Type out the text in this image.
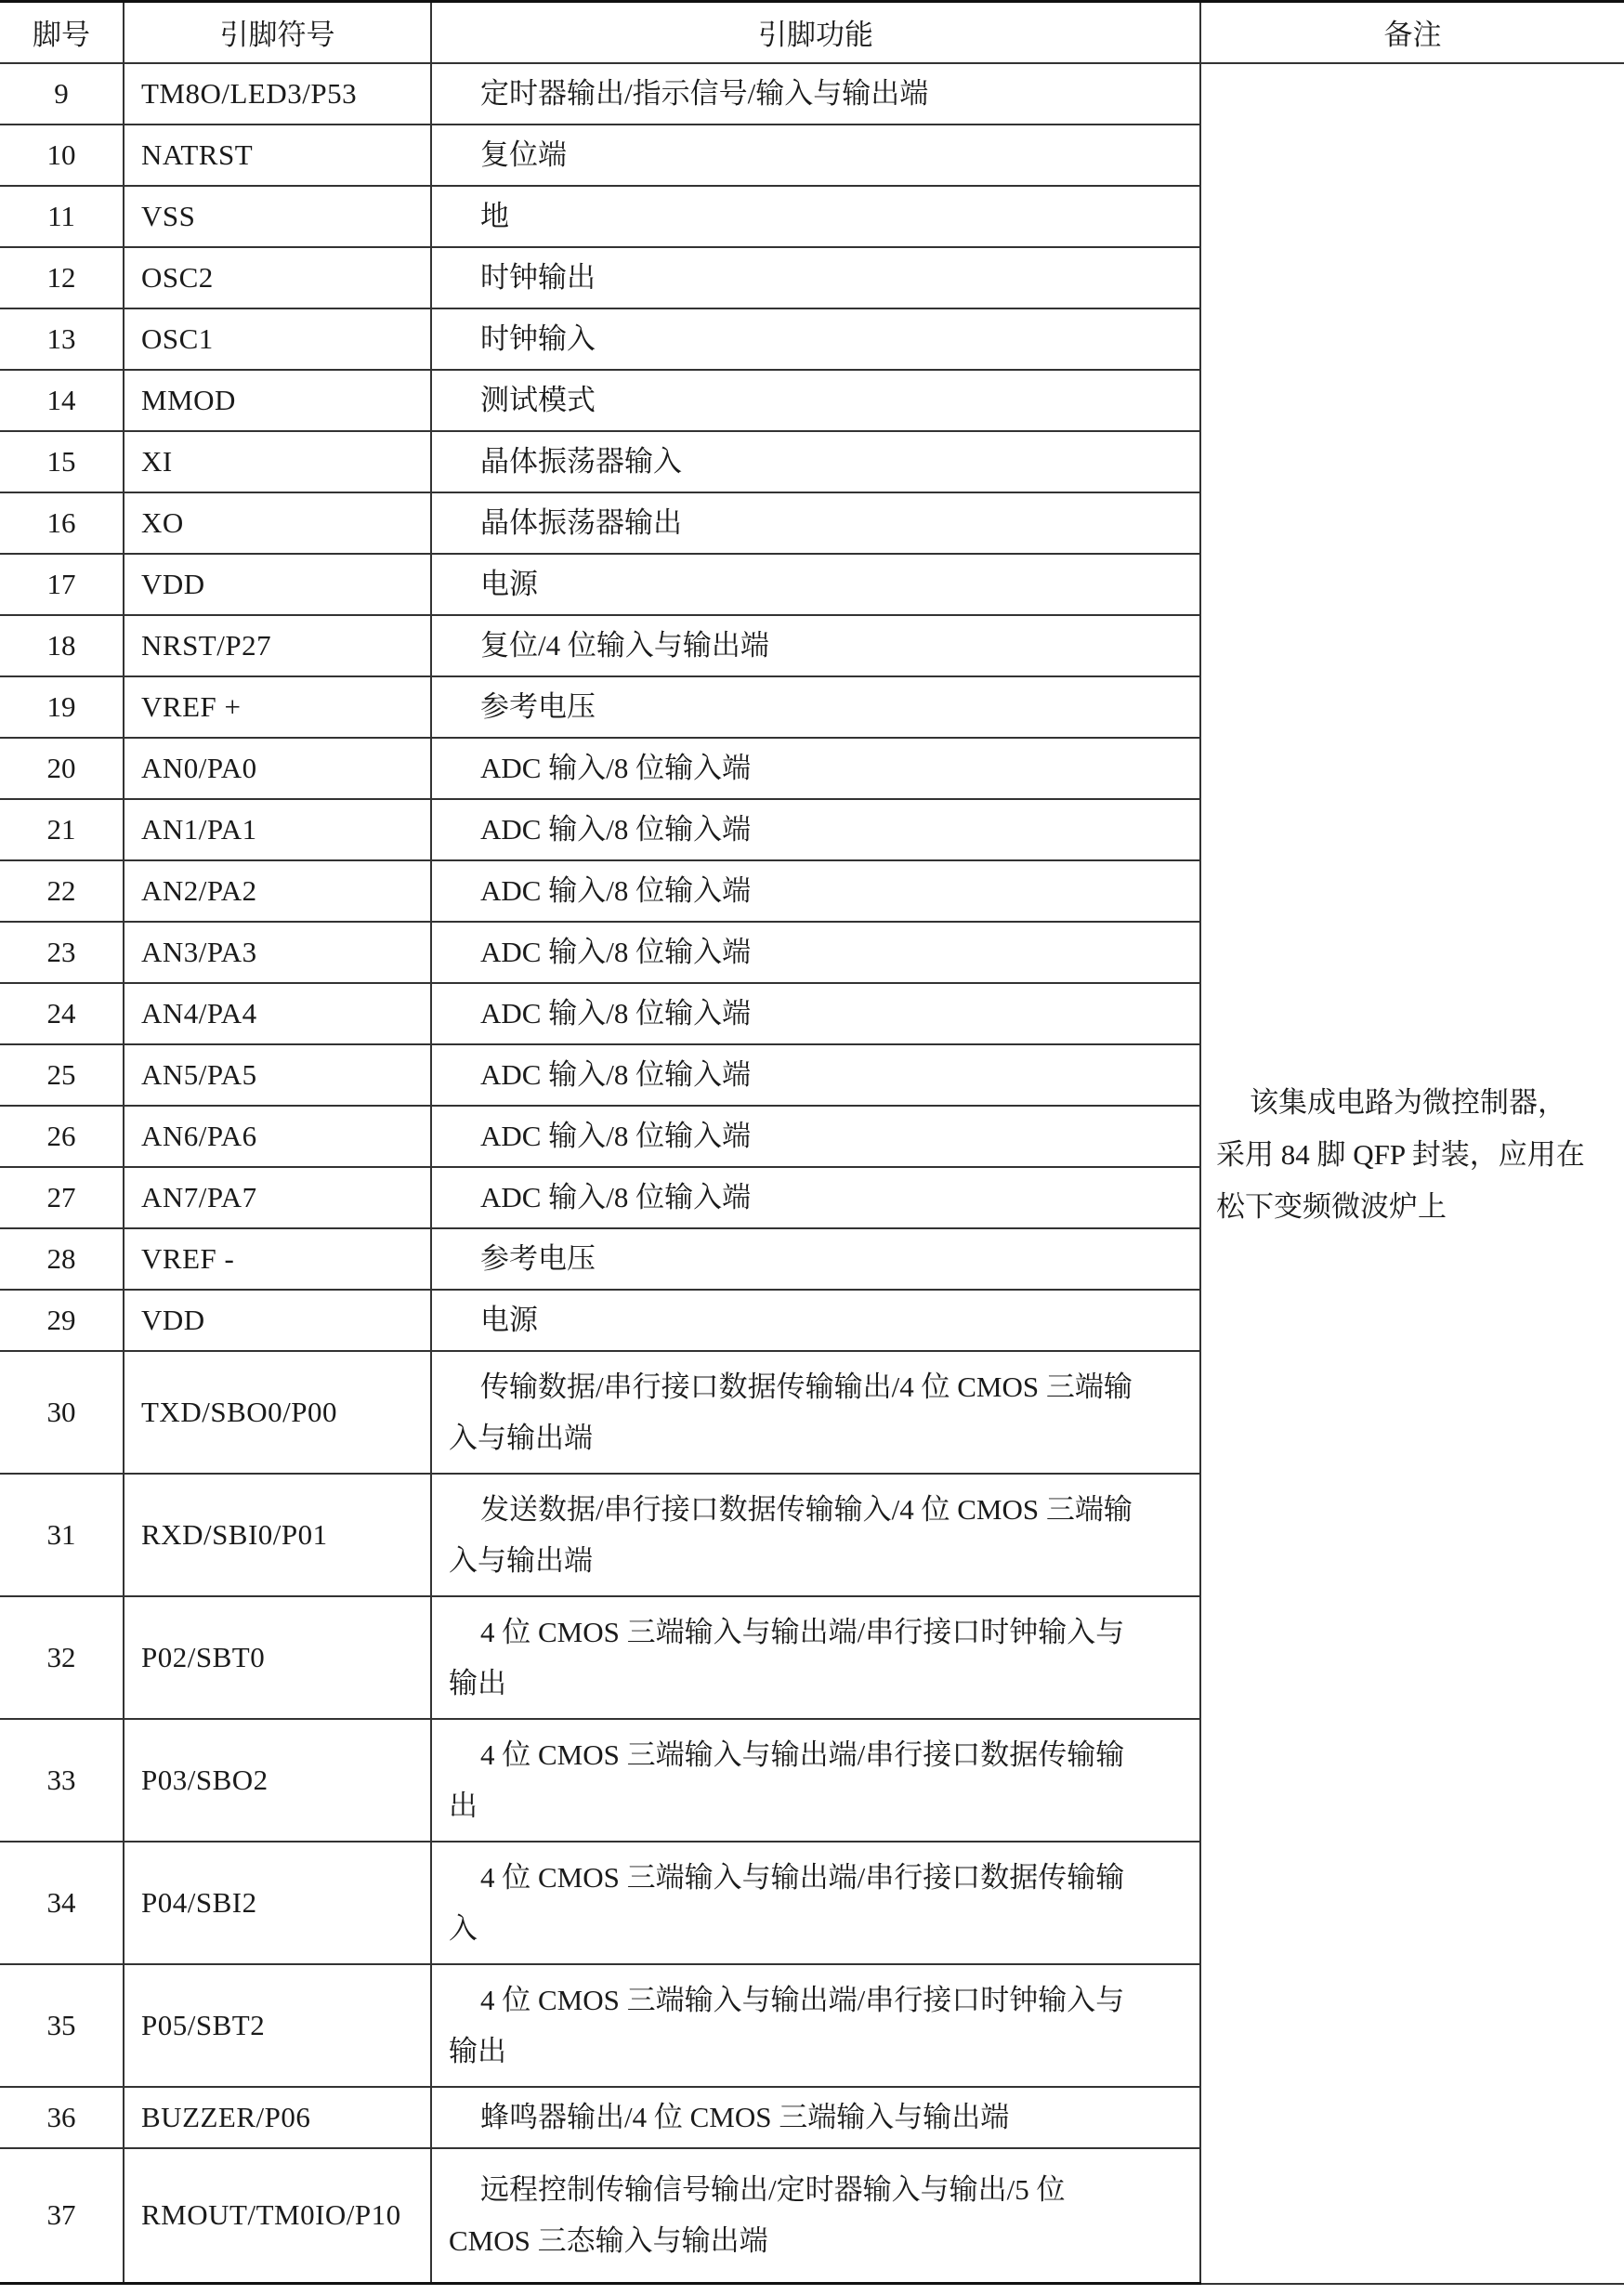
脚号	引脚符号	引脚功能	备注
9	TM8O/LED3/P53	定时器输出/指示信号/输入与输出端	该集成电路为微控制器，
采用 84 脚 QFP 封装，应用在
松下变频微波炉上

10	NATRST	复位端	
11	VSS	地	
12	OSC2	时钟输出	
13	OSC1	时钟输入	
14	MMOD	测试模式	
15	XI	晶体振荡器输入	
16	XO	晶体振荡器输出	
17	VDD	电源	
18	NRST/P27	复位/4 位输入与输出端	
19	VREF +	参考电压	
20	AN0/PA0	ADC 输入/8 位输入端	
21	AN1/PA1	ADC 输入/8 位输入端	
22	AN2/PA2	ADC 输入/8 位输入端	
23	AN3/PA3	ADC 输入/8 位输入端	
24	AN4/PA4	ADC 输入/8 位输入端	
25	AN5/PA5	ADC 输入/8 位输入端	
26	AN6/PA6	ADC 输入/8 位输入端	
27	AN7/PA7	ADC 输入/8 位输入端	
28	VREF -	参考电压	
29	VDD	电源	
30	TXD/SBO0/P00	传输数据/串行接口数据传输输出/4 位 CMOS 三端输
入与输出端	

31	RXD/SBI0/P01	发送数据/串行接口数据传输输入/4 位 CMOS 三端输
入与输出端	

32	P02/SBT0	4 位 CMOS 三端输入与输出端/串行接口时钟输入与
输出	

33	P03/SBO2	4 位 CMOS 三端输入与输出端/串行接口数据传输输
出	

34	P04/SBI2	4 位 CMOS 三端输入与输出端/串行接口数据传输输
入	

35	P05/SBT2	4 位 CMOS 三端输入与输出端/串行接口时钟输入与
输出	

36	BUZZER/P06	蜂鸣器输出/4 位 CMOS 三端输入与输出端	
37	RMOUT/TM0IO/P10	远程控制传输信号输出/定时器输入与输出/5 位
CMOS 三态输入与输出端	
